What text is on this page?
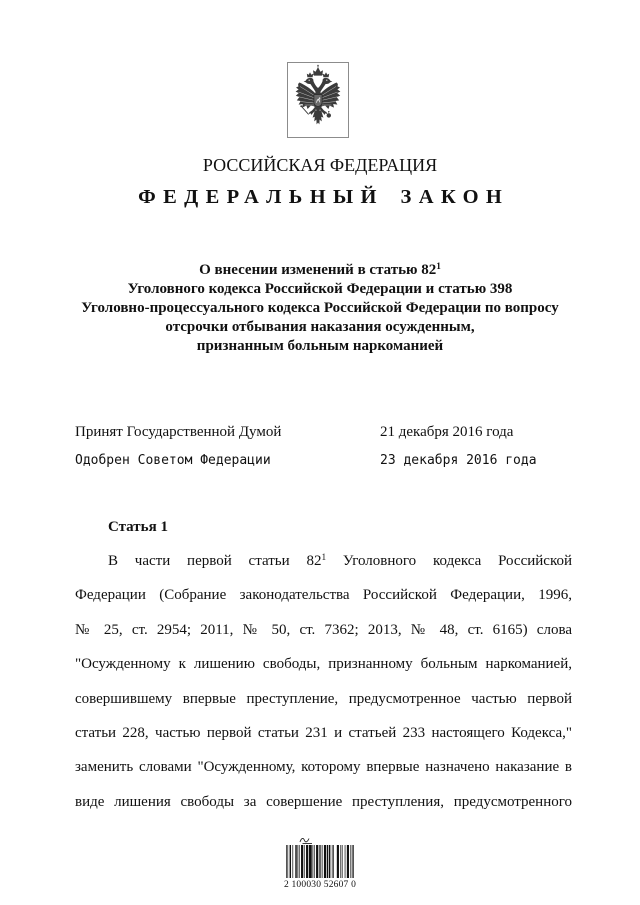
РОССИЙСКАЯ ФЕДЕРАЦИЯ
ФЕДЕРАЛЬНЫЙ ЗАКОН
О внесении изменений в статью $82^1$
Уголовного кодекса Российской Федерации и статью 398
Уголовно-процессуального кодекса Российской Федерации по вопросу
отсрочки отбывания наказания осужденным,
признанным больным наркоманией
Принят Государственной Думой	21 декабря 2016 года
Одобрен Советом Федерации	23 декабря 2016 года
Статья 1
В части первой статьи $82^1$ Уголовного кодекса Российской
Федерации (Собрание законодательства Российской Федерации, 1996,
№ 25, ст. 2954; 2011, № 50, ст. 7362; 2013, № 48, ст. 6165) слова
"Осужденному к лишению свободы, признанному больным наркоманией,
совершившему впервые преступление, предусмотренное частью первой
статьи 228, частью первой статьи 231 и статьей 233 настоящего Кодекса,"
заменить словами "Осужденному, которому впервые назначено наказание в
виде лишения свободы за совершение преступления, предусмотренного
2 100030 52607 0
